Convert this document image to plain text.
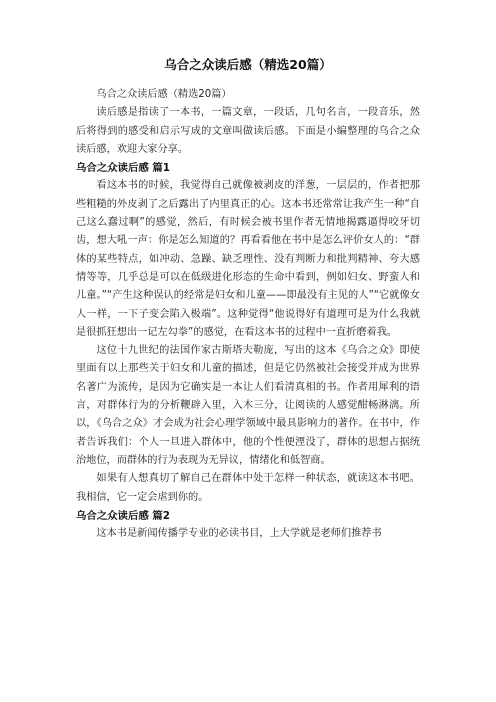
乌合之众读后感（精选20篇）

乌合之众读后感（精选20篇）

读后感是指读了一本书，一篇文章，一段话，几句名言，一段音乐，然后将得到的感受和启示写成的文章叫做读后感。下面是小编整理的乌合之众读后感，欢迎大家分享。

乌合之众读后感 篇1

看这本书的时候，我觉得自己就像被剥皮的洋葱，一层层的，作者把那些粗糙的外皮剥了之后露出了内里真正的心。这本书还常常让我产生一种“自己这么蠢过啊”的感觉，然后，有时候会被书里作者无情地揭露逼得咬牙切齿，想大吼一声：你是怎么知道的？再看看他在书中是怎么评价女人的：“群体的某些特点，如冲动、急躁、缺乏理性、没有判断力和批判精神、夸大感情等等，几乎总是可以在低级进化形态的生命中看到，例如妇女、野蛮人和儿童。”“产生这种误认的经常是妇女和儿童——即最没有主见的人”“它就像女人一样，一下子变会陷入极端”。这种觉得“他说得好有道理可是为什么我就是很抓狂想出一记左勾拳”的感觉，在看这本书的过程中一直折磨着我。

这位十九世纪的法国作家古斯塔夫勒庞，写出的这本《乌合之众》即使里面有以上那些关于妇女和儿童的描述，但是它仍然被社会接受并成为世界名著广为流传，是因为它确实是一本让人们看清真相的书。作者用犀利的语言，对群体行为的分析鞭辟入里，入木三分，让阅读的人感觉酣畅淋漓。所以，《乌合之众》才会成为社会心理学领域中最具影响力的著作。在书中，作者告诉我们：个人一旦进入群体中，他的个性便湮没了，群体的思想占据统治地位，而群体的行为表现为无异议，情绪化和低智商。

如果有人想真切了解自己在群体中处于怎样一种状态，就读这本书吧。我相信，它一定会虐到你的。

乌合之众读后感 篇2

这本书是新闻传播学专业的必读书目，上大学就是老师们推荐书
